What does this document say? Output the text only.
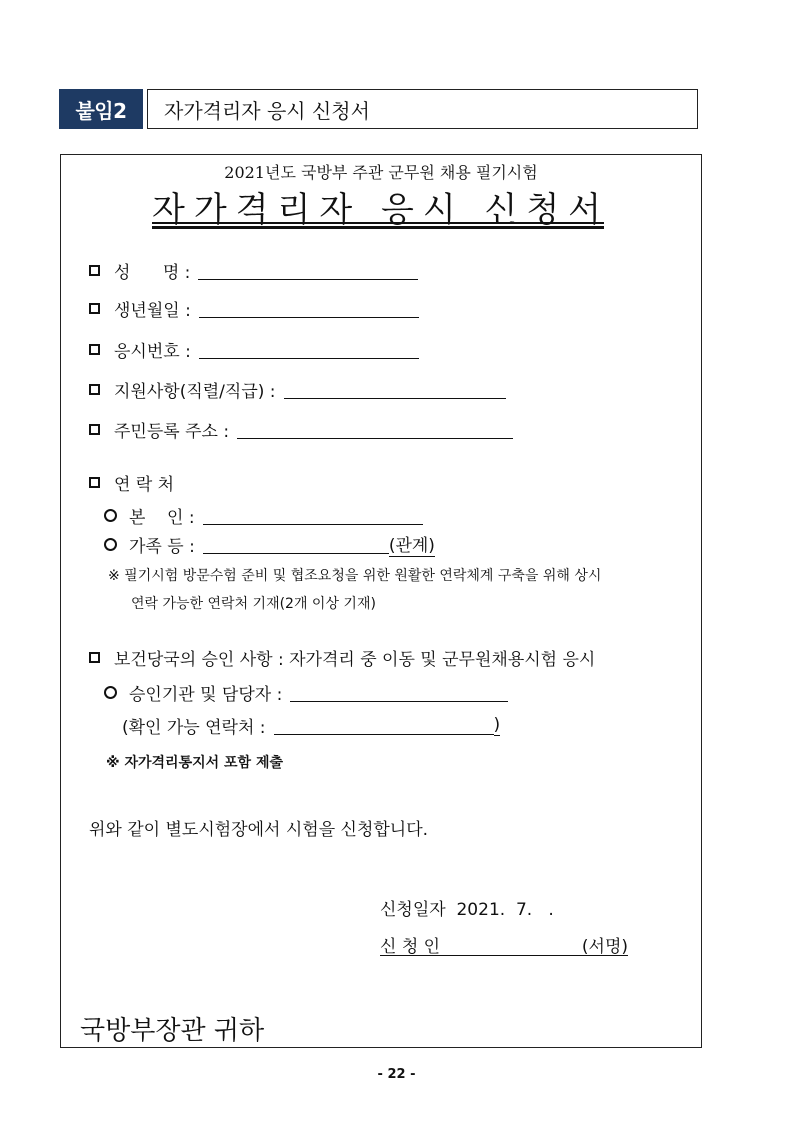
붙임2	자가격리자 응시 신청서
2021년도 국방부 주관 군무원 채용 필기시험
자가격리자 응시 신청서
성      명 :
생년월일 :
응시번호 :
지원사항(직렬/직급) :
주민등록 주소 :
연 락 처
본    인 :
가족 등 :	(관계)
※ 필기시험 방문수험 준비 및 협조요청을 위한 원활한 연락체계 구축을 위해 상시
연락 가능한 연락처 기재(2개 이상 기재)
보건당국의 승인 사항 : 자가격리 중 이동 및 군무원채용시험 응시
승인기관 및 담당자 :
(확인 가능 연락처 :	)
※ 자가격리통지서 포함 제출
위와 같이 별도시험장에서 시험을 신청합니다.
신청일자  2021.  7.   .
신 청 인	(서명)
국방부장관 귀하
- 22 -
